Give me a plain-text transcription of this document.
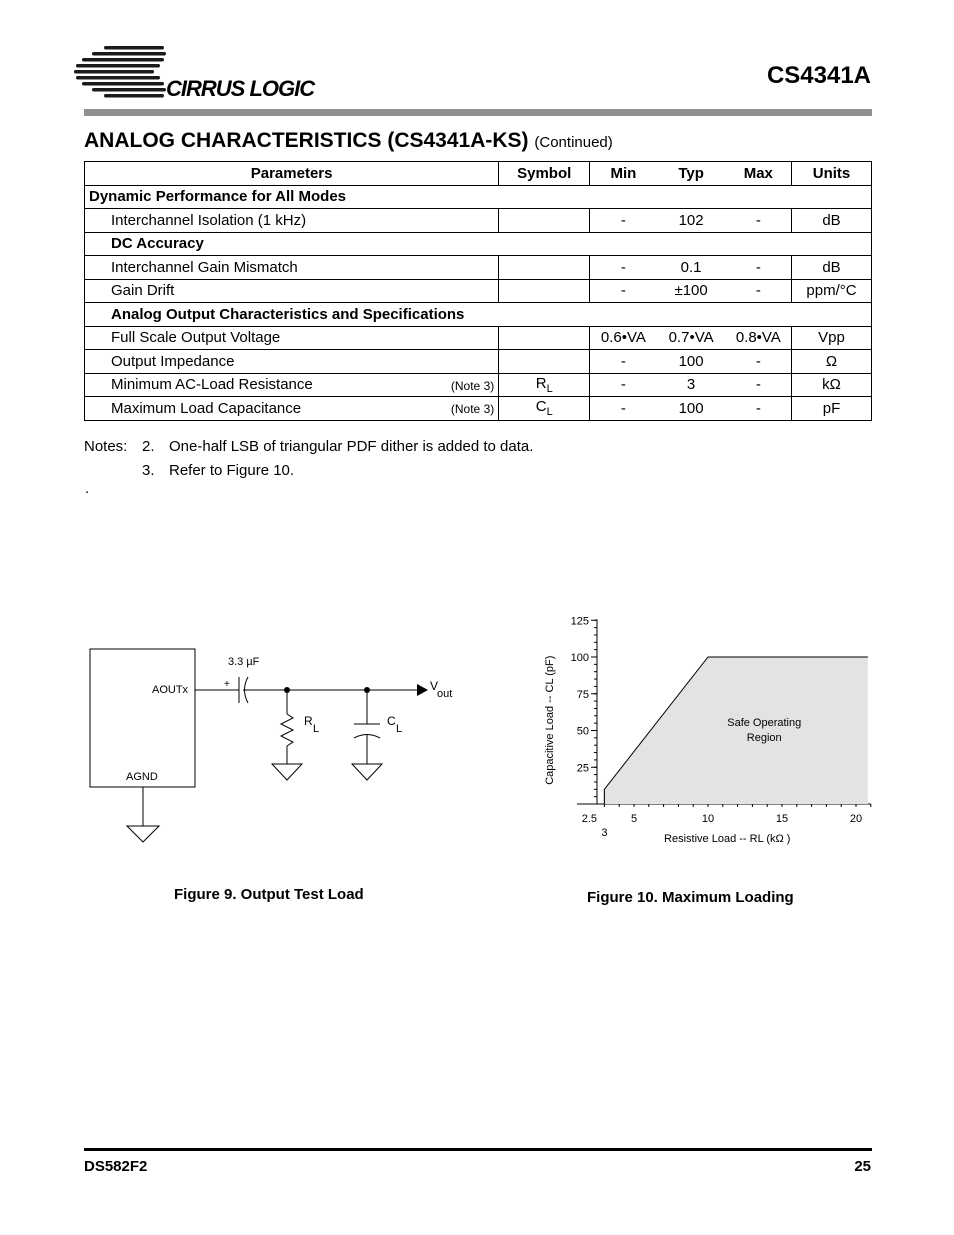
CIRRUS LOGIC	CS4341A
ANALOG CHARACTERISTICS (CS4341A-KS) (Continued)
Parameters	Symbol	Min	Typ	Max	Units
Dynamic Performance for All Modes					
Interchannel Isolation (1 kHz)		-	102	-	dB
DC Accuracy					
Interchannel Gain Mismatch		-	0.1	-	dB
Gain Drift		-	±100	-	ppm/°C
Analog Output Characteristics and Specifications					
Full Scale Output Voltage		0.6•VA	0.7•VA	0.8•VA	Vpp
Output Impedance		-	100	-	Ω
Minimum AC-Load Resistance (Note 3)	$R_L$	-	3	-	kΩ
Maximum Load Capacitance (Note 3)	$C_L$	-	100	-	pF
Notes: 2. One-half LSB of triangular PDF dither is added to data.
3. Refer to Figure 10.
.
3.3 µF
+
AOUTx
AGND
V
out
R
L
C
L
Figure 9. Output Test Load
2.5	5	10	15	20
3
25
50
75
100
125
Resistive Load -- RL (kΩ )
Capacitive Load -- CL (pF)	Safe Operating
Region
Figure 10. Maximum Loading
DS582F2	25
